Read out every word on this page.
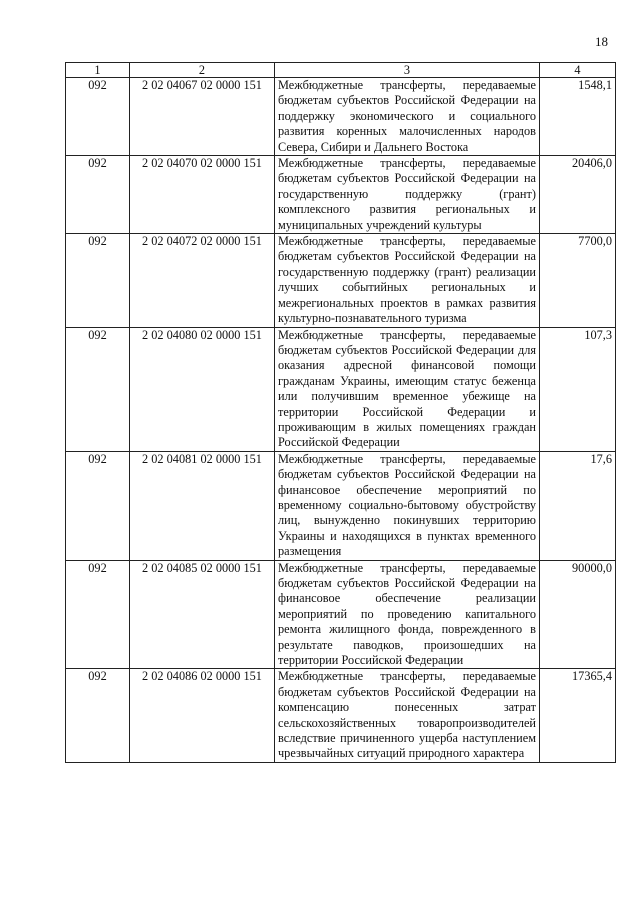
18
1	2	3	4
092	2 02 04067 02 0000 151	Межбюджетные трансферты, передаваемые бюджетам субъектов Российской Федерации на поддержку экономического и социального развития коренных малочисленных народов Севера, Сибири и Дальнего Востока	1548,1
092	2 02 04070 02 0000 151	Межбюджетные трансферты, передаваемые бюджетам субъектов Российской Федерации на государственную поддержку (грант) комплексного развития региональных и муниципальных учреждений культуры	20406,0
092	2 02 04072 02 0000 151	Межбюджетные трансферты, передаваемые бюджетам субъектов Российской Федерации на государственную поддержку (грант) реализации лучших событийных региональных и межрегиональных проектов в рамках развития культурно-познавательного туризма	7700,0
092	2 02 04080 02 0000 151	Межбюджетные трансферты, передаваемые бюджетам субъектов Российской Федерации для оказания адресной финансовой помощи гражданам Украины, имеющим статус беженца или получившим временное убежище на территории Российской Федерации и проживающим в жилых помещениях граждан Российской Федерации	107,3
092	2 02 04081 02 0000 151	Межбюджетные трансферты, передаваемые бюджетам субъектов Российской Федерации на финансовое обеспечение мероприятий по временному социально-бытовому обустройству лиц, вынужденно покинувших территорию Украины и находящихся в пунктах временного размещения	17,6
092	2 02 04085 02 0000 151	Межбюджетные трансферты, передаваемые бюджетам субъектов Российской Федерации на финансовое обеспечение реализации мероприятий по проведению капитального ремонта жилищного фонда, поврежденного в результате паводков, произошедших на территории Российской Федерации	90000,0
092	2 02 04086 02 0000 151	Межбюджетные трансферты, передаваемые бюджетам субъектов Российской Федерации на компенсацию понесенных затрат сельскохозяйственных товаропроизводителей вследствие причиненного ущерба наступлением чрезвычайных ситуаций природного характера	17365,4
